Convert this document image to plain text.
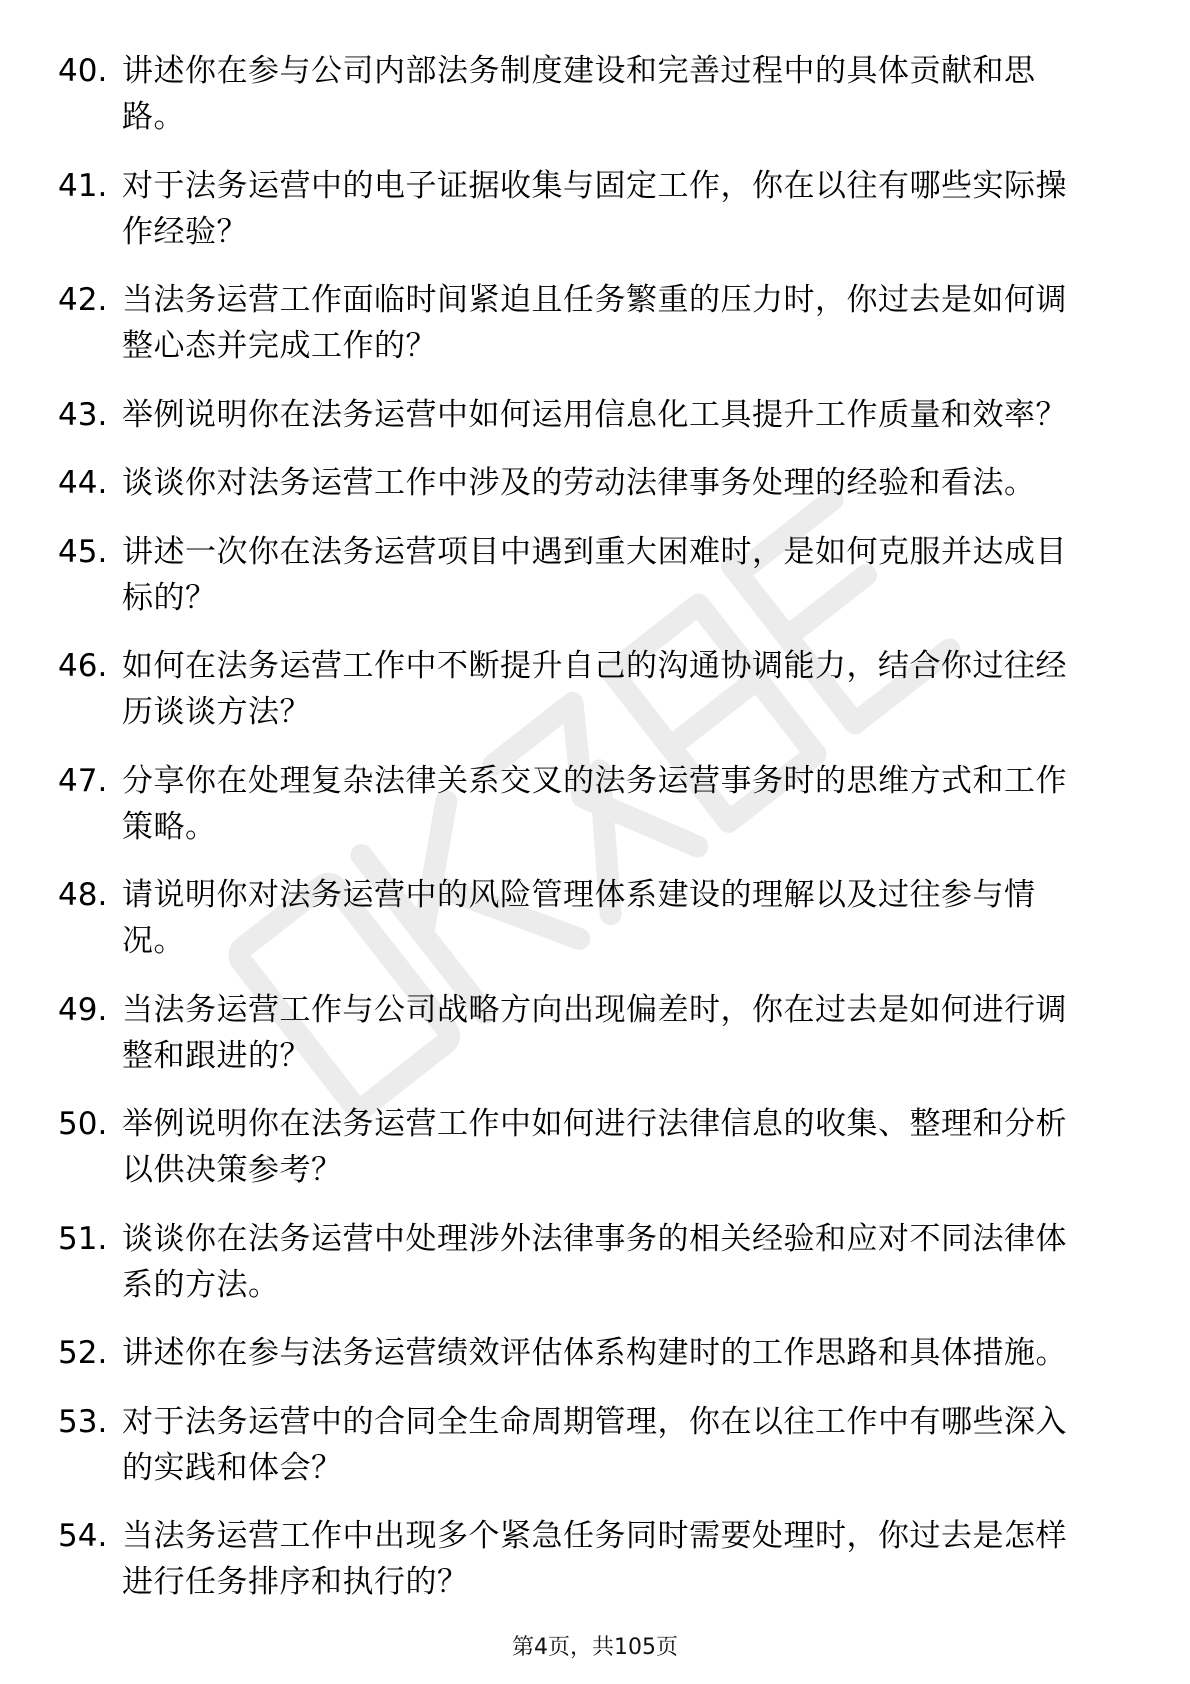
40. 讲述你在参与公司内部法务制度建设和完善过程中的具体贡献和思路。
41. 对于法务运营中的电子证据收集与固定工作，你在以往有哪些实际操作经验？
42. 当法务运营工作面临时间紧迫且任务繁重的压力时，你过去是如何调整心态并完成工作的？
43. 举例说明你在法务运营中如何运用信息化工具提升工作质量和效率？
44. 谈谈你对法务运营工作中涉及的劳动法律事务处理的经验和看法。
45. 讲述一次你在法务运营项目中遇到重大困难时，是如何克服并达成目标的？
46. 如何在法务运营工作中不断提升自己的沟通协调能力，结合你过往经历谈谈方法？
47. 分享你在处理复杂法律关系交叉的法务运营事务时的思维方式和工作策略。
48. 请说明你对法务运营中的风险管理体系建设的理解以及过往参与情况。
49. 当法务运营工作与公司战略方向出现偏差时，你在过去是如何进行调整和跟进的？
50. 举例说明你在法务运营工作中如何进行法律信息的收集、整理和分析以供决策参考？
51. 谈谈你在法务运营中处理涉外法律事务的相关经验和应对不同法律体系的方法。
52. 讲述你在参与法务运营绩效评估体系构建时的工作思路和具体措施。
53. 对于法务运营中的合同全生命周期管理，你在以往工作中有哪些深入的实践和体会？
54. 当法务运营工作中出现多个紧急任务同时需要处理时，你过去是怎样进行任务排序和执行的？
第4页，共105页
